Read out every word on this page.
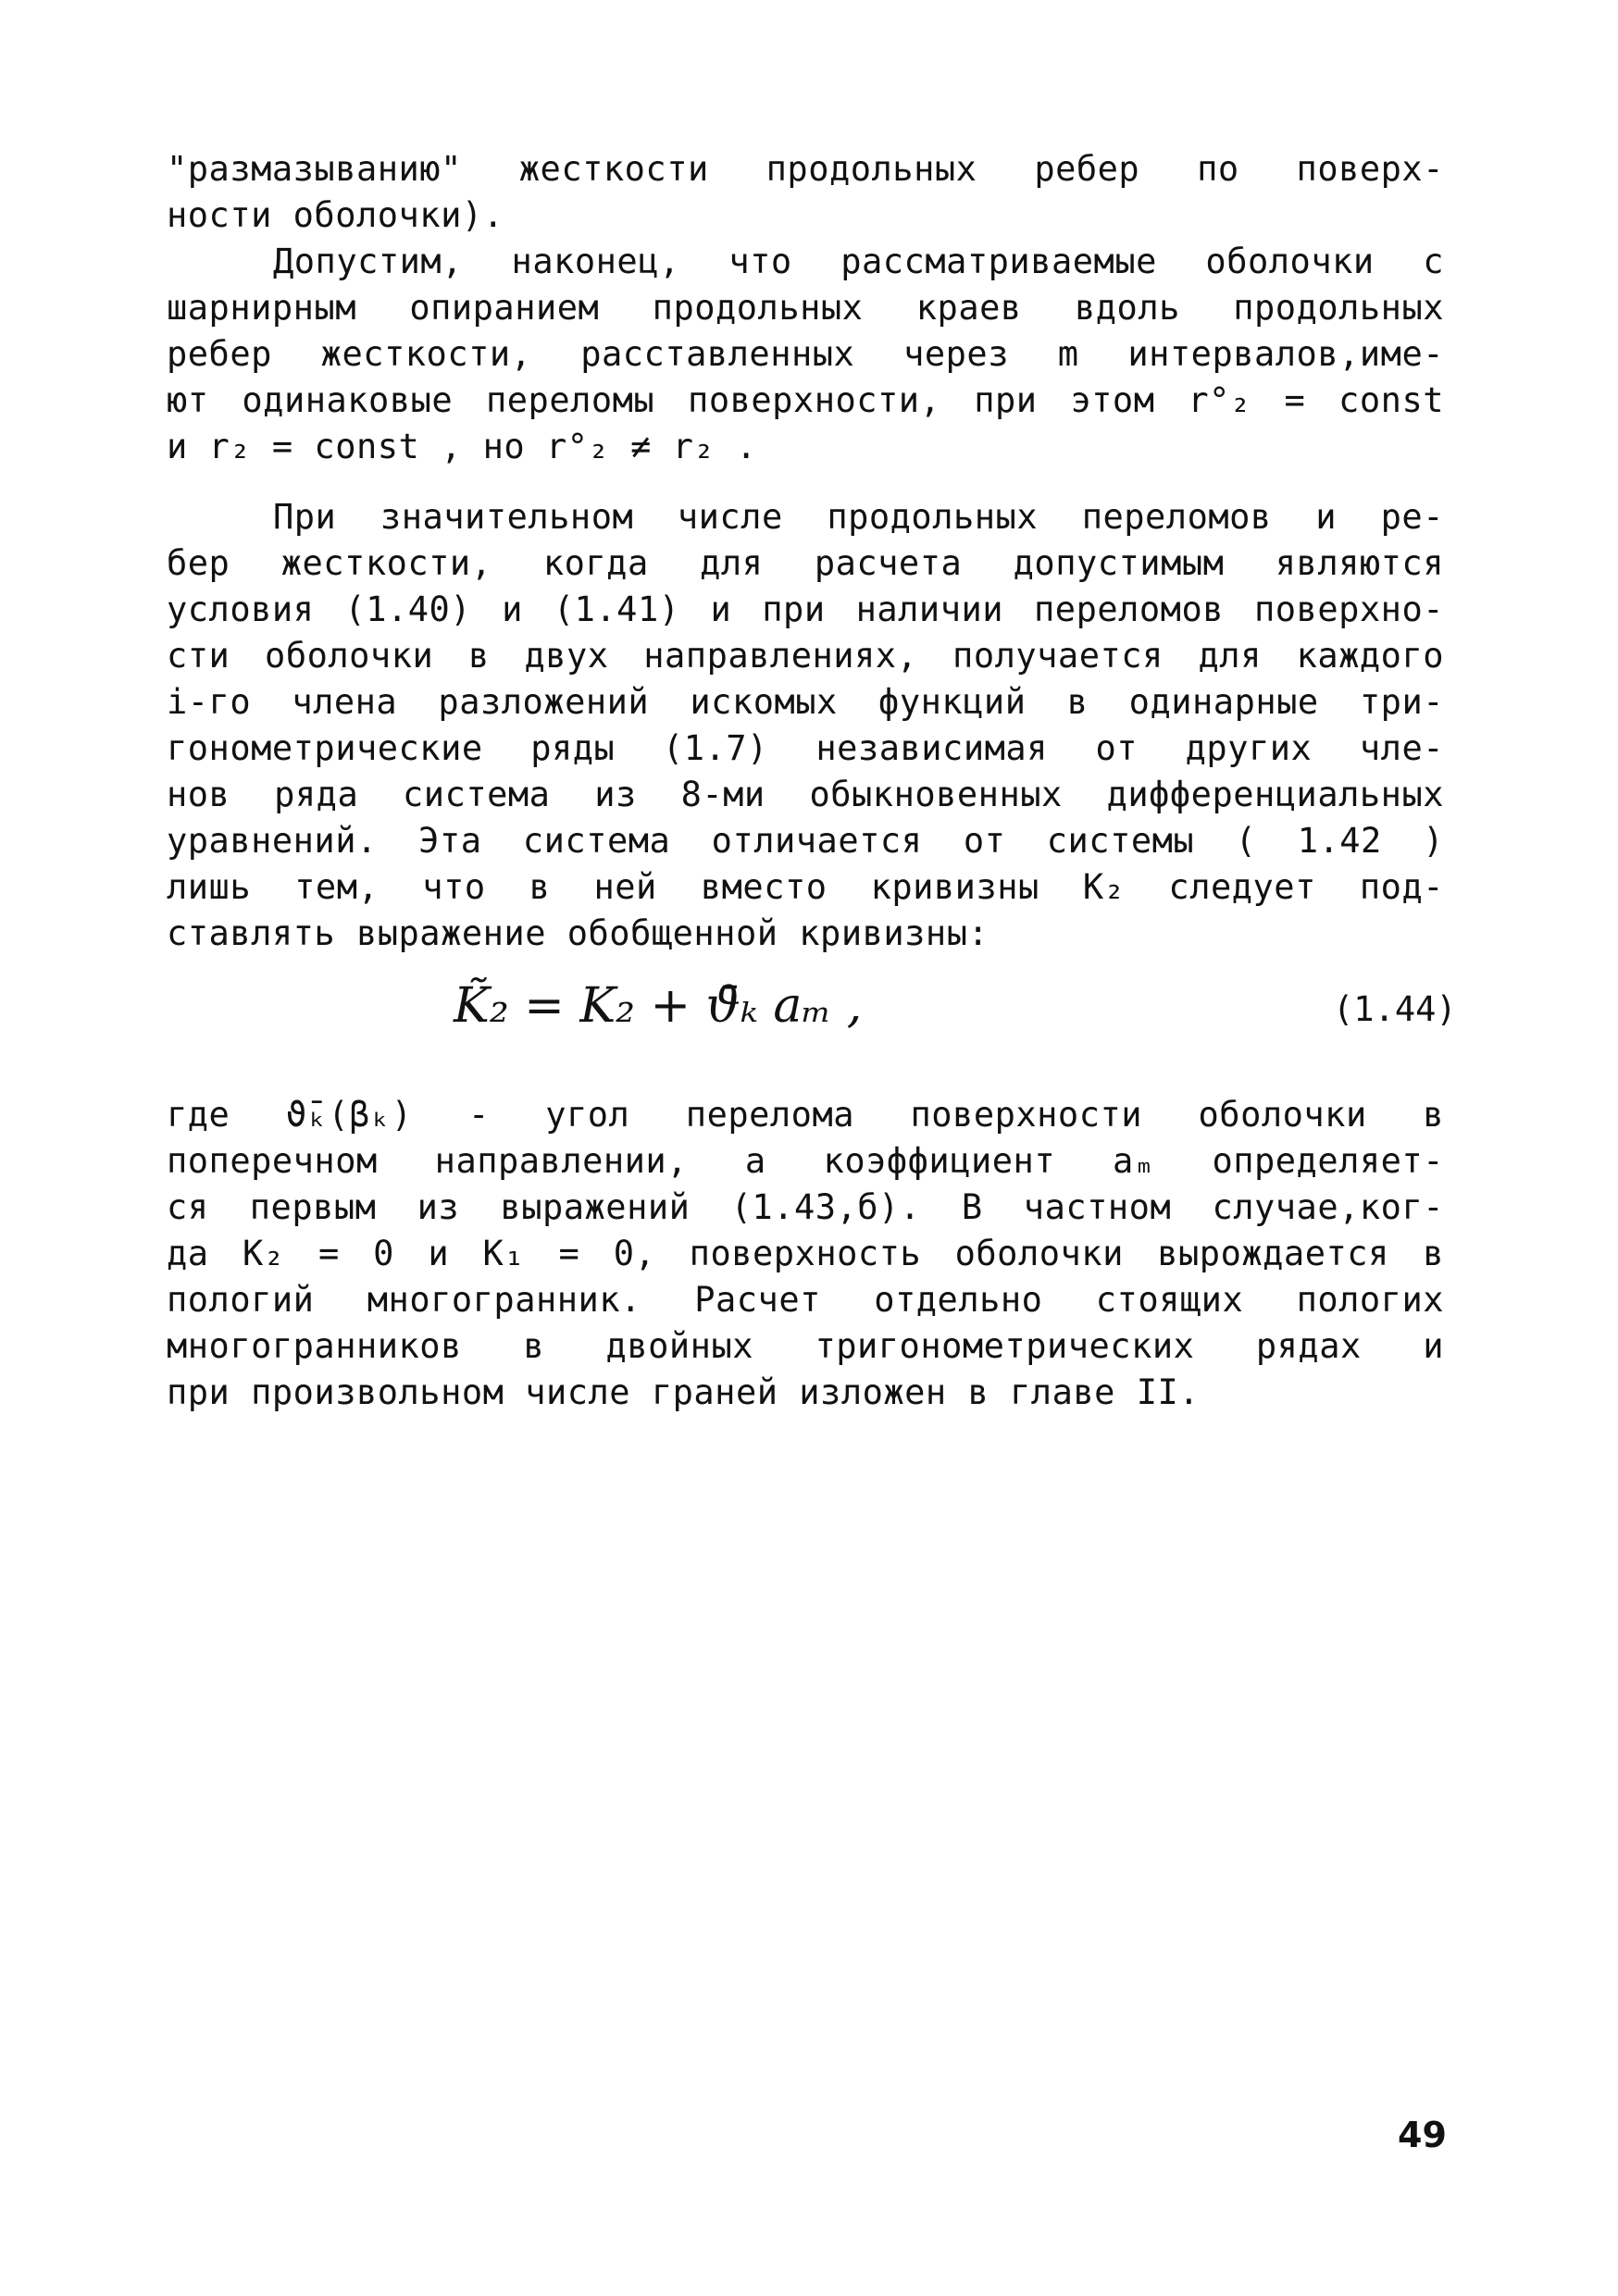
"размазыванию" жесткости продольных ребер по поверх-
ности оболочки).
Допустим, наконец, что рассматриваемые оболочки с
шарнирным опиранием продольных краев вдоль продольных
ребер жесткости, расставленных через m интервалов,име-
ют одинаковые переломы поверхности, при этом r°₂ = const
и r₂ = const , но r°₂ ≠ r₂ .
При значительном числе продольных переломов и ре-
бер жесткости, когда для расчета допустимым являются
условия (1.40) и (1.41) и при наличии переломов поверхно-
сти оболочки в двух направлениях, получается для каждого
i-го члена разложений искомых функций в одинарные три-
гонометрические ряды (1.7) независимая от других чле-
нов ряда система из 8-ми обыкновенных дифференциальных
уравнений. Эта система отличается от системы ( 1.42 )
лишь тем, что в ней вместо кривизны K₂ следует под-
ставлять выражение обобщенной кривизны:
K̃₂ = K₂ + ϑ̄ₖ aₘ ,	(1.44)
где ϑ̄ₖ(βₖ) - угол перелома поверхности оболочки в
поперечном направлении, а коэффициент aₘ определяет-
ся первым из выражений (1.43,б). В частном случае,ког-
да K₂ = 0 и K₁ = 0, поверхность оболочки вырождается в
пологий многогранник. Расчет отдельно стоящих пологих
многогранников в двойных тригонометрических рядах и
при произвольном числе граней изложен в главе II.
49
